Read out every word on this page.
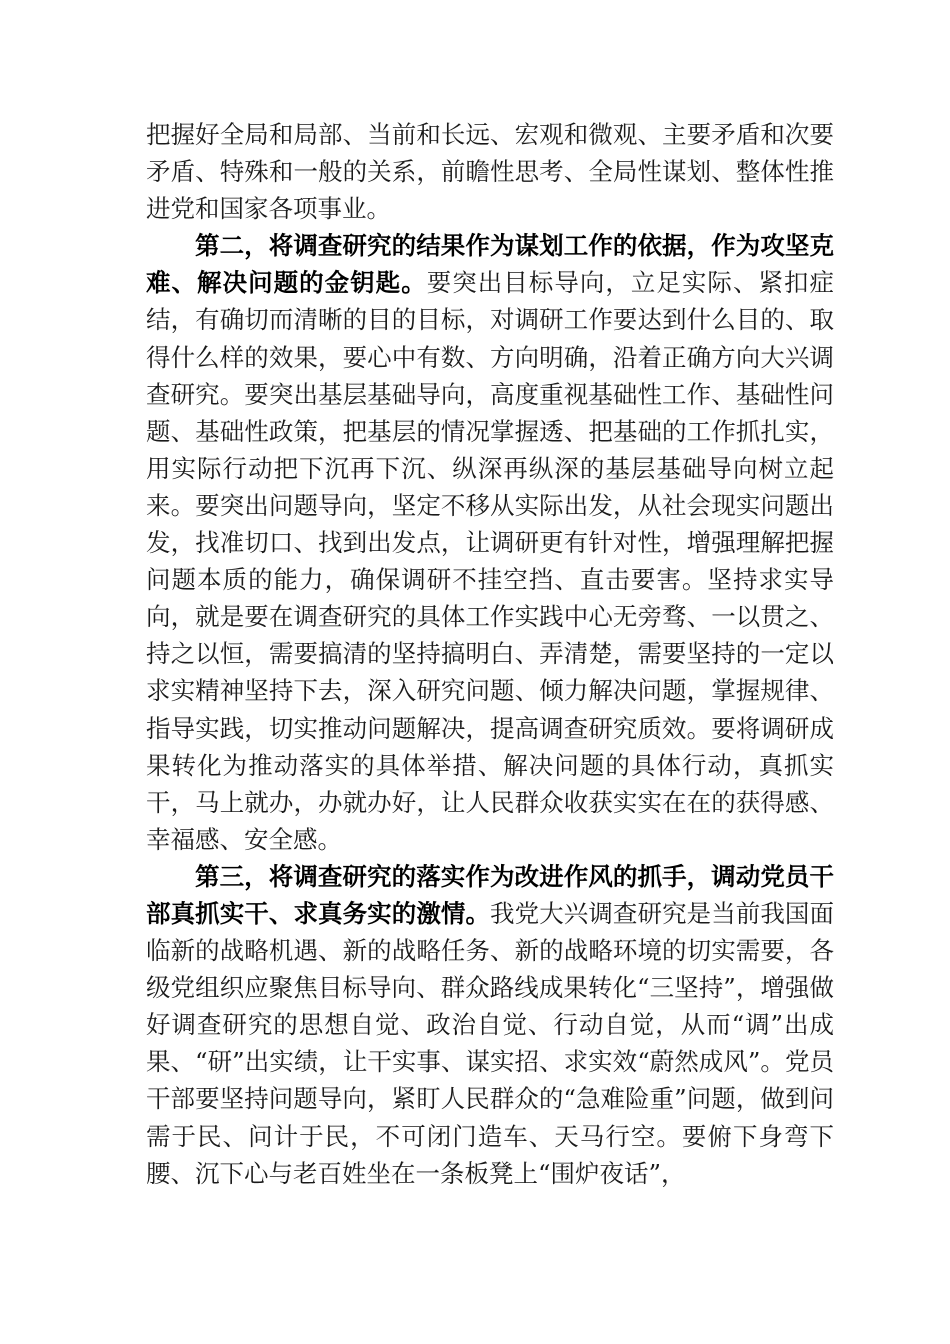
把握好全局和局部、当前和长远、宏观和微观、主要矛盾和次要矛盾、特殊和一般的关系，前瞻性思考、全局性谋划、整体性推进党和国家各项事业。

第二，将调查研究的结果作为谋划工作的依据，作为攻坚克难、解决问题的金钥匙。要突出目标导向，立足实际、紧扣症结，有确切而清晰的目的目标，对调研工作要达到什么目的、取得什么样的效果，要心中有数、方向明确，沿着正确方向大兴调查研究。要突出基层基础导向，高度重视基础性工作、基础性问题、基础性政策，把基层的情况掌握透、把基础的工作抓扎实，用实际行动把下沉再下沉、纵深再纵深的基层基础导向树立起来。要突出问题导向，坚定不移从实际出发，从社会现实问题出发，找准切口、找到出发点，让调研更有针对性，增强理解把握问题本质的能力，确保调研不挂空挡、直击要害。坚持求实导向，就是要在调查研究的具体工作实践中心无旁骛、一以贯之、持之以恒，需要搞清的坚持搞明白、弄清楚，需要坚持的一定以求实精神坚持下去，深入研究问题、倾力解决问题，掌握规律、指导实践，切实推动问题解决，提高调查研究质效。要将调研成果转化为推动落实的具体举措、解决问题的具体行动，真抓实干，马上就办，办就办好，让人民群众收获实实在在的获得感、幸福感、安全感。

第三，将调查研究的落实作为改进作风的抓手，调动党员干部真抓实干、求真务实的激情。我党大兴调查研究是当前我国面临新的战略机遇、新的战略任务、新的战略环境的切实需要，各级党组织应聚焦目标导向、群众路线成果转化“三坚持”，增强做好调查研究的思想自觉、政治自觉、行动自觉，从而“调”出成果、“研”出实绩，让干实事、谋实招、求实效“蔚然成风”。党员干部要坚持问题导向，紧盯人民群众的“急难险重”问题，做到问需于民、问计于民，不可闭门造车、天马行空。要俯下身弯下腰、沉下心与老百姓坐在一条板凳上“围炉夜话”，
